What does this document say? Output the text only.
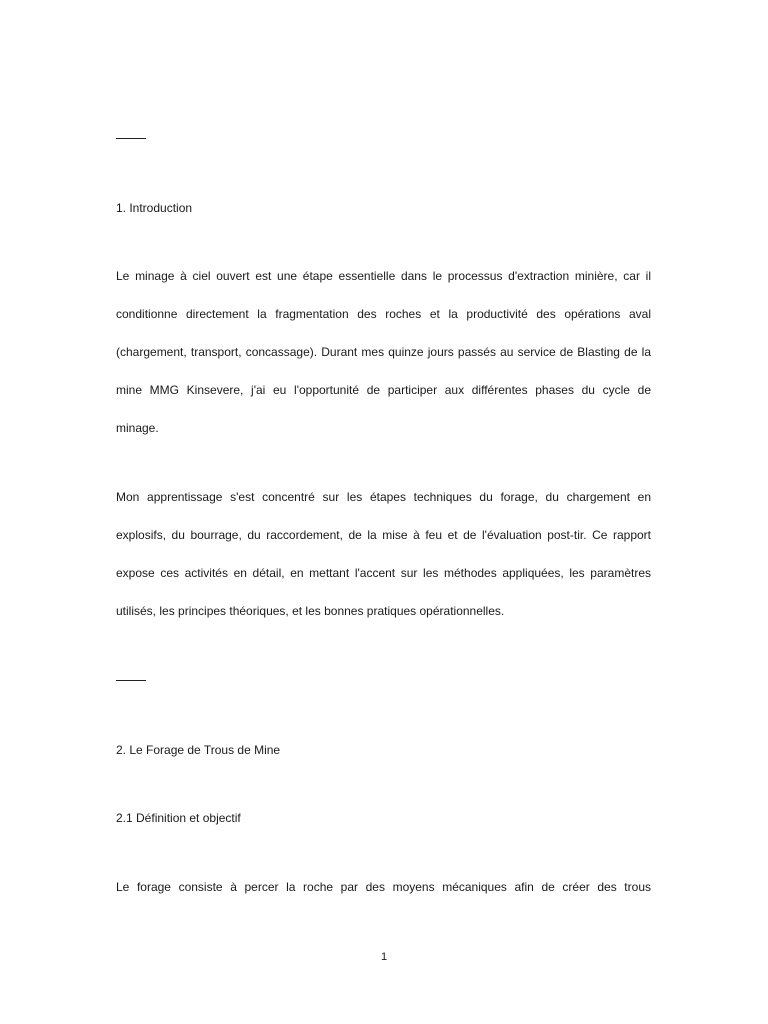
1. Introduction
Le minage à ciel ouvert est une étape essentielle dans le processus d'extraction minière, car il
conditionne directement la fragmentation des roches et la productivité des opérations aval
(chargement, transport, concassage). Durant mes quinze jours passés au service de Blasting de la
mine MMG Kinsevere, j'ai eu l'opportunité de participer aux différentes phases du cycle de
minage.
Mon apprentissage s'est concentré sur les étapes techniques du forage, du chargement en
explosifs, du bourrage, du raccordement, de la mise à feu et de l'évaluation post-tir. Ce rapport
expose ces activités en détail, en mettant l'accent sur les méthodes appliquées, les paramètres
utilisés, les principes théoriques, et les bonnes pratiques opérationnelles.
2. Le Forage de Trous de Mine
2.1 Définition et objectif
Le forage consiste à percer la roche par des moyens mécaniques afin de créer des trous
1
